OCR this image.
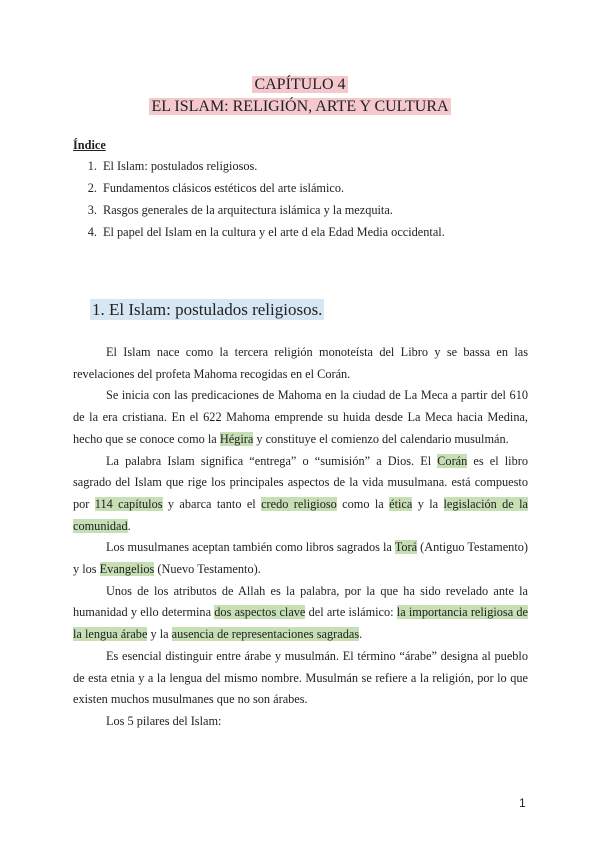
CAPÍTULO 4
EL ISLAM: RELIGIÓN, ARTE Y CULTURA
Índice
1. El Islam: postulados religiosos.
2. Fundamentos clásicos estéticos del arte islámico.
3. Rasgos generales de la arquitectura islámica y la mezquita.
4. El papel del Islam en la cultura y el arte d ela Edad Media occidental.
1. El Islam: postulados religiosos.

El Islam nace como la tercera religión monoteísta del Libro y se bassa en las revelaciones del profeta Mahoma recogidas en el Corán.

Se inicia con las predicaciones de Mahoma en la ciudad de La Meca a partir del 610 de la era cristiana. En el 622 Mahoma emprende su huida desde La Meca hacia Medina, hecho que se conoce como la Hégira y constituye el comienzo del calendario musulmán.

La palabra Islam significa “entrega” o “sumisión” a Dios. El Corán es el libro sagrado del Islam que rige los principales aspectos de la vida musulmana. está compuesto por 114 capítulos y abarca tanto el credo religioso como la ética y la legislación de la comunidad.

Los musulmanes aceptan también como libros sagrados la Torá (Antiguo Testamento) y los Evangelios (Nuevo Testamento).

Unos de los atributos de Allah es la palabra, por la que ha sido revelado ante la humanidad y ello determina dos aspectos clave del arte islámico: la importancia religiosa de la lengua árabe y la ausencia de representaciones sagradas.

Es esencial distinguir entre árabe y musulmán. El término “árabe” designa al pueblo de esta etnia y a la lengua del mismo nombre. Musulmán se refiere a la religión, por lo que existen muchos musulmanes que no son árabes.

Los 5 pilares del Islam:

1
